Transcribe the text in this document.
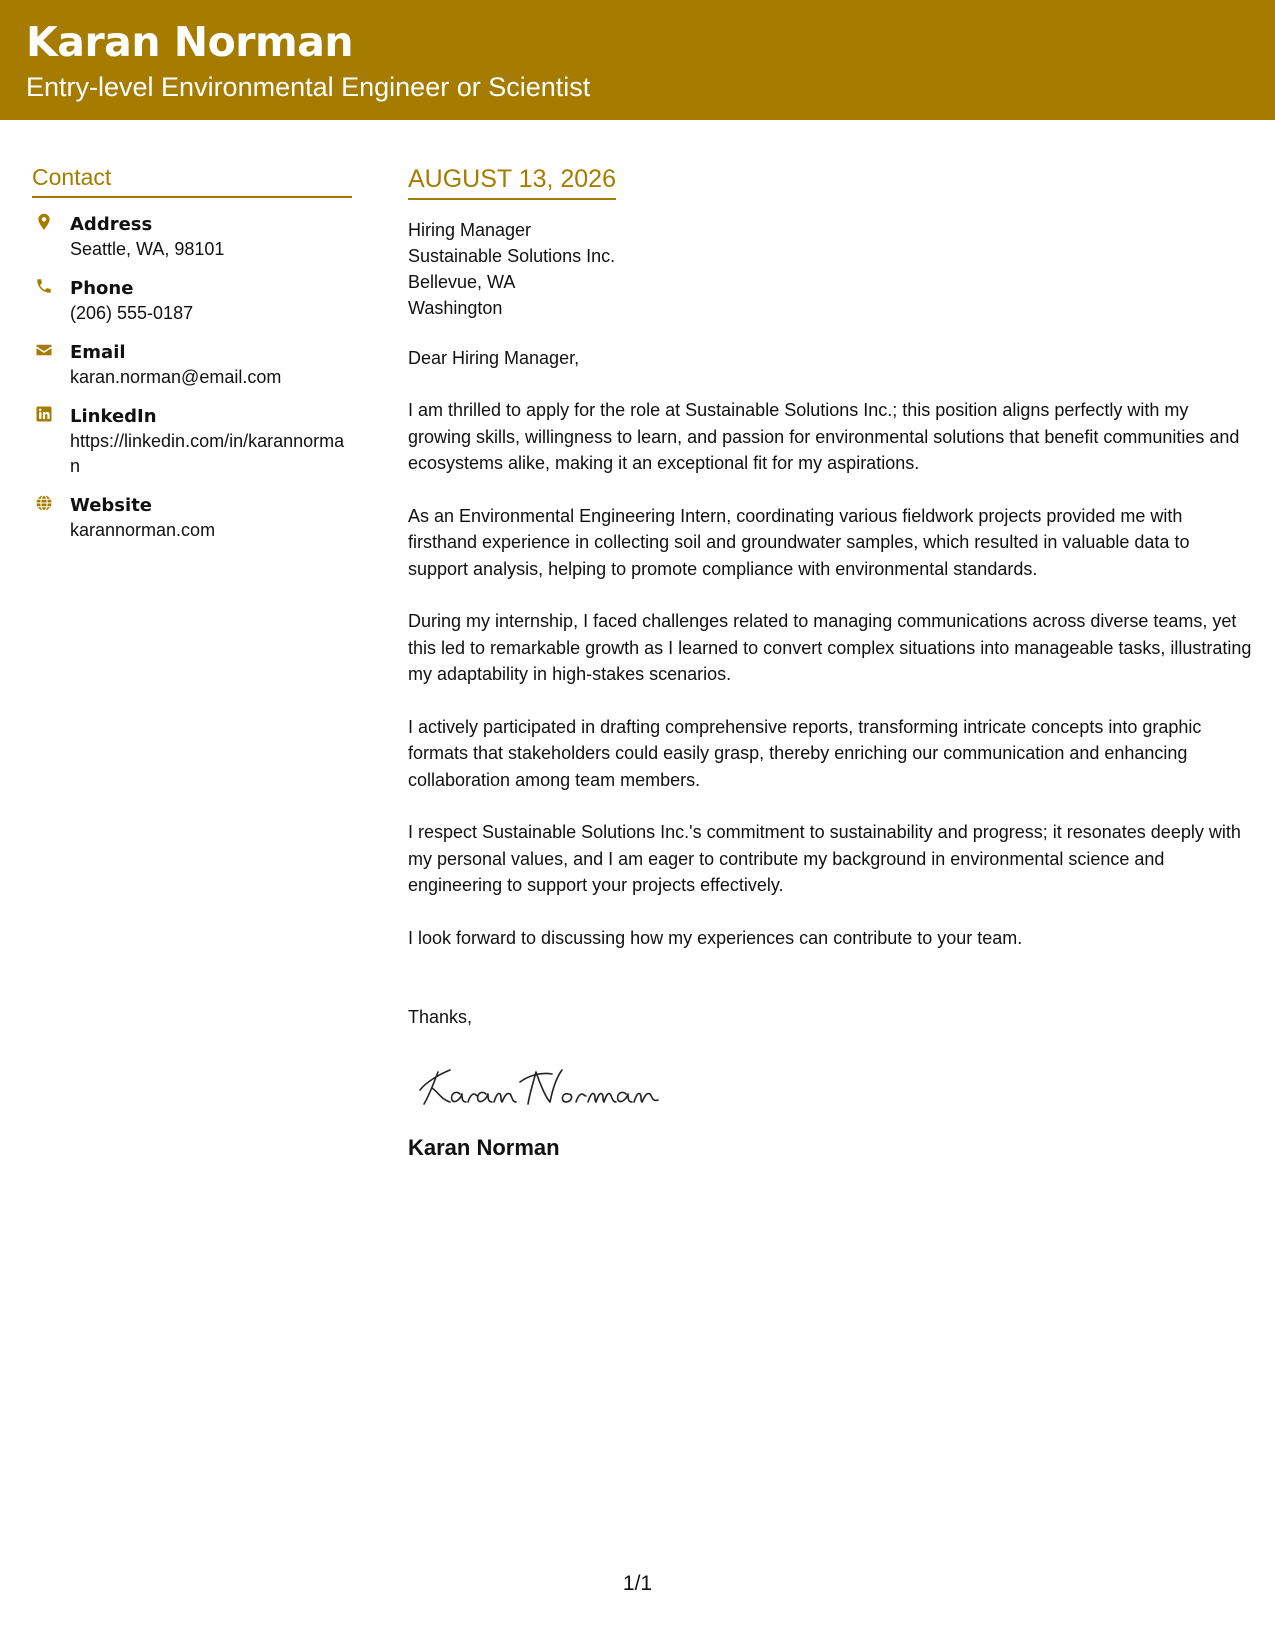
Karan Norman
Entry-level Environmental Engineer or Scientist
Contact
Address
Seattle, WA, 98101
Phone
(206) 555-0187
Email
karan.norman@email.com
LinkedIn
https://linkedin.com/in/karannorman
Website
karannorman.com
AUGUST 13, 2026
Hiring Manager
Sustainable Solutions Inc.
Bellevue, WA
Washington
Dear Hiring Manager,
I am thrilled to apply for the role at Sustainable Solutions Inc.; this position aligns perfectly with my growing skills, willingness to learn, and passion for environmental solutions that benefit communities and ecosystems alike, making it an exceptional fit for my aspirations.
As an Environmental Engineering Intern, coordinating various fieldwork projects provided me with firsthand experience in collecting soil and groundwater samples, which resulted in valuable data to support analysis, helping to promote compliance with environmental standards.
During my internship, I faced challenges related to managing communications across diverse teams, yet this led to remarkable growth as I learned to convert complex situations into manageable tasks, illustrating my adaptability in high-stakes scenarios.
I actively participated in drafting comprehensive reports, transforming intricate concepts into graphic formats that stakeholders could easily grasp, thereby enriching our communication and enhancing collaboration among team members.
I respect Sustainable Solutions Inc.'s commitment to sustainability and progress; it resonates deeply with my personal values, and I am eager to contribute my background in environmental science and engineering to support your projects effectively.
I look forward to discussing how my experiences can contribute to your team.
Thanks,
Karan Norman
1/1
